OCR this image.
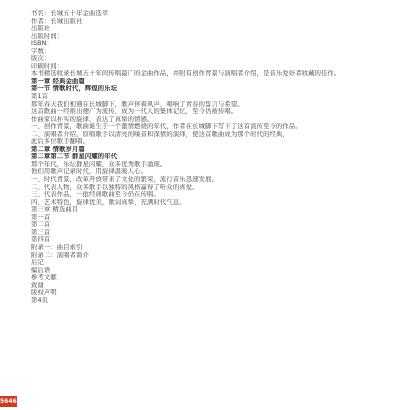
书名：长城五十年金曲选萃
作者：长城出版社
出版社
出版时间：
ISBN：
字数：
版次：
印刷时间：
本书精选收录长城五十年间传唱最广的金曲作品，并附有创作背景与演唱者介绍，是音乐爱好者收藏的佳作。
第一章 经典金曲篇
第一节 情歌时代，辉煌的乐坛
第1首
那年春天我们相遇在长城脚下，歌声伴着风声，唱响了青春的誓言与希望。
这首歌曲一经推出便广为流传，成为一代人的集体记忆，至今仍被传唱。
作曲家以朴实的旋律，表达了真挚的情感。
一、创作背景，歌曲诞生于一个激情燃烧的年代，作者在长城脚下写下了这首流传至今的作品。
二、演唱者介绍，原唱歌手以清亮的嗓音和深情的演绎，使这首歌曲成为那个时代的经典，
此后多位歌手翻唱。
第二章 情歌岁月篇
第二章第二节 群星闪耀的年代
那个年代，乐坛群星闪耀，众多优秀歌手涌现。
他们用歌声记录时代，用旋律温暖人心。
一、时代背景，改革开放带来了文化的繁荣，流行音乐迅速发展。
二、代表人物，众多歌手以独特的风格赢得了听众的喜爱。
三、代表作品，一批经典歌曲至今仍在传唱。
四、艺术特色，旋律优美，歌词真挚，充满时代气息。
第三章 精选曲目
第一首
第二首
第三首
第四首
附录一：曲目索引
附录二：演唱者简介
后记
编后语
参考文献
致谢
版权声明
第4页
56462
